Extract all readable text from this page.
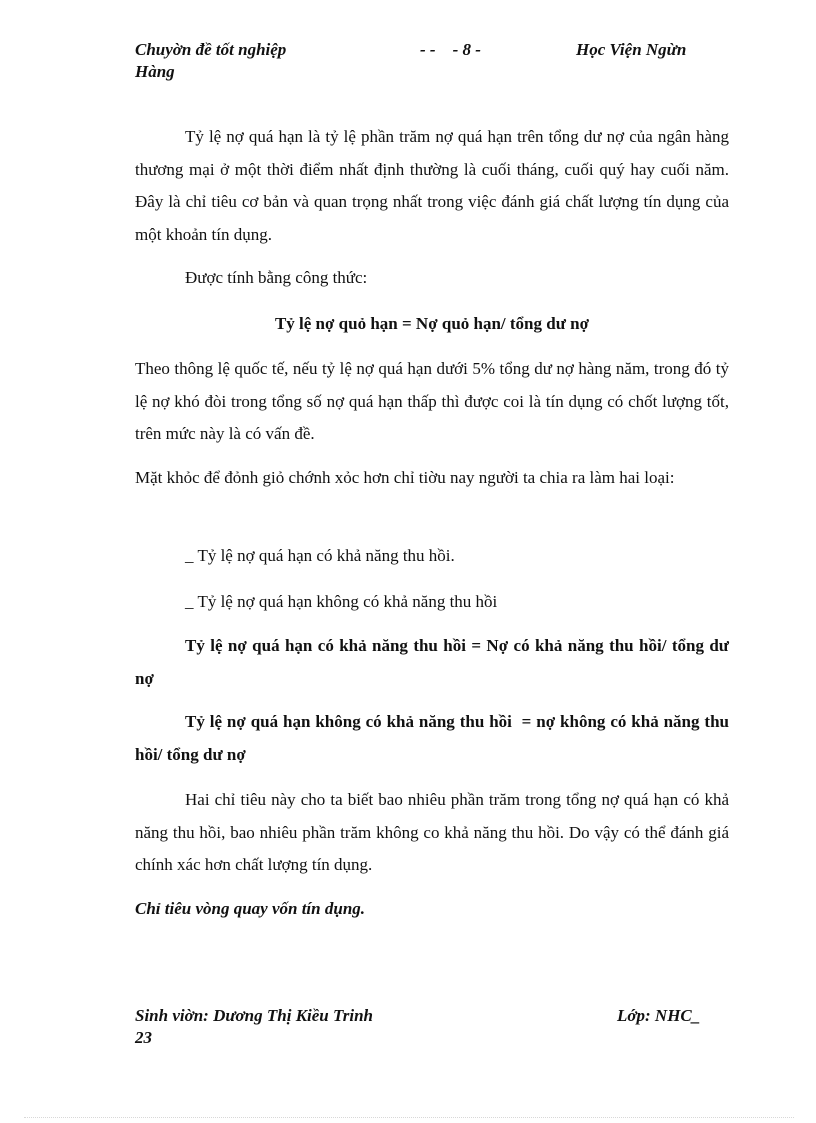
Chuyờn đề tốt nghiệp	- -    - 8 -	Học Viện Ngừn
Hàng
Tỷ lệ nợ quá hạn là tỷ lệ phần trăm nợ quá hạn trên tổng dư nợ của ngân hàng thương mại ở một thời điểm nhất định thường là cuối tháng, cuối quý hay cuối năm. Đây là chỉ tiêu cơ bản và quan trọng nhất trong việc đánh giá chất lượng tín dụng của một khoản tín dụng.
Được tính bằng công thức:
Tỷ lệ nợ quỏ hạn = Nợ quỏ hạn/ tổng dư nợ
Theo thông lệ quốc tế, nếu tỷ lệ nợ quá hạn dưới 5% tổng dư nợ hàng năm, trong đó tỷ lệ nợ khó đòi trong tổng số nợ quá hạn thấp thì được coi là tín dụng có chốt lượng tốt, trên mức này là có vấn đề.
Mặt khỏc để đỏnh giỏ chớnh xỏc hơn chỉ tiờu nay người ta chia ra làm hai loại:
_ Tỷ lệ nợ quá hạn có khả năng thu hồi.
_ Tỷ lệ nợ quá hạn không có khả năng thu hồi
Tỷ lệ nợ quá hạn có khả năng thu hồi = Nợ có khả năng thu hồi/ tổng dư nợ
Tỷ lệ nợ quá hạn không có khả năng thu hồi  = nợ không có khả năng thu hồi/ tổng dư nợ
Hai chỉ tiêu này cho ta biết bao nhiêu phần trăm trong tổng nợ quá hạn có khả năng thu hồi, bao nhiêu phần trăm không co khả năng thu hồi. Do vậy có thể đánh giá chính xác hơn chất lượng tín dụng.
Chỉ tiêu vòng quay vốn tín dụng.
Sinh viờn: Dương Thị Kiều Trinh	Lớp: NHC_
23
